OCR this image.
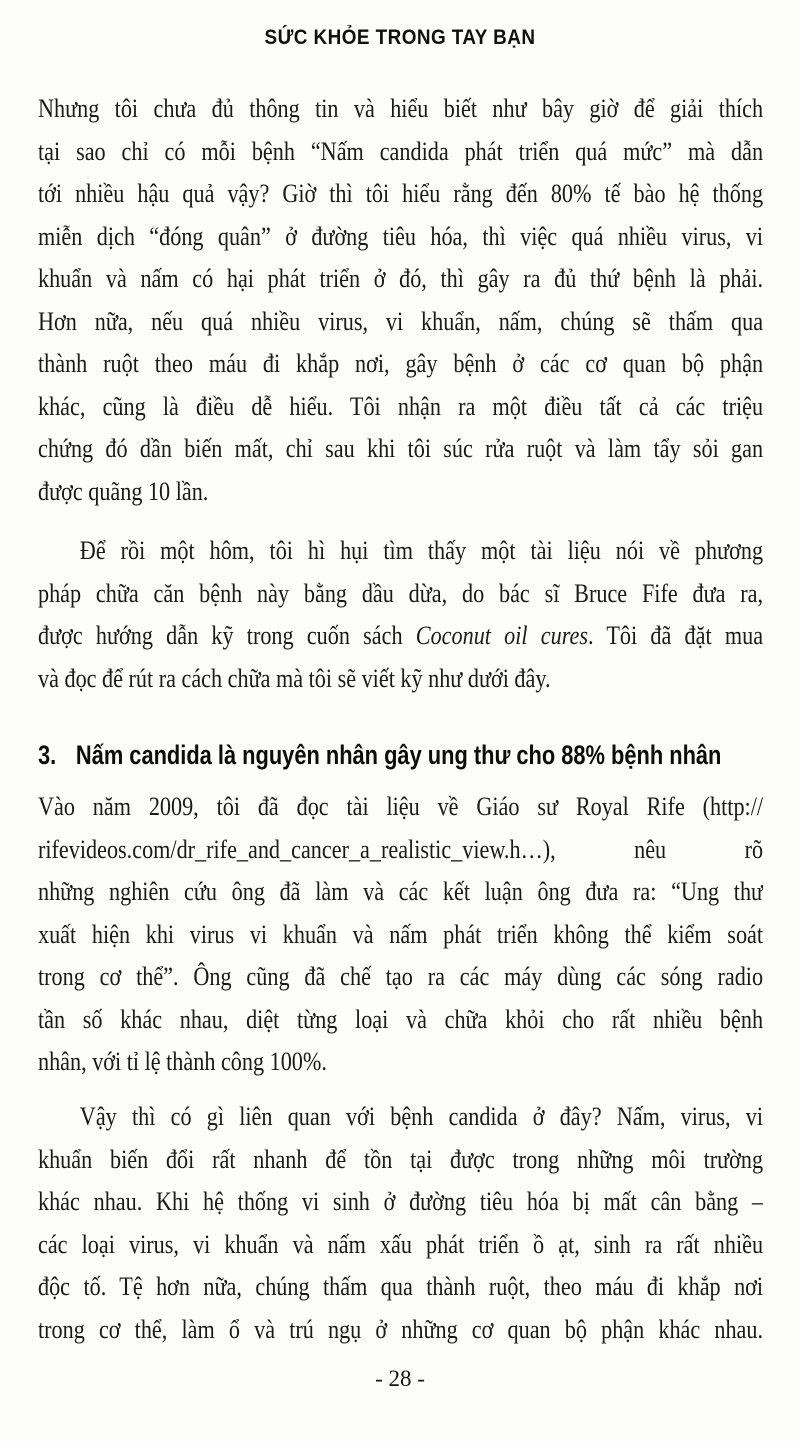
SỨC KHỎE TRONG TAY BẠN
Nhưng tôi chưa đủ thông tin và hiểu biết như bây giờ để giải thích
tại sao chỉ có mỗi bệnh “Nấm candida phát triển quá mức” mà dẫn
tới nhiều hậu quả vậy? Giờ thì tôi hiểu rằng đến 80% tế bào hệ thống
miễn dịch “đóng quân” ở đường tiêu hóa, thì việc quá nhiều virus, vi
khuẩn và nấm có hại phát triển ở đó, thì gây ra đủ thứ bệnh là phải.
Hơn nữa, nếu quá nhiều virus, vi khuẩn, nấm, chúng sẽ thấm qua
thành ruột theo máu đi khắp nơi, gây bệnh ở các cơ quan bộ phận
khác, cũng là điều dễ hiểu. Tôi nhận ra một điều tất cả các triệu
chứng đó dần biến mất, chỉ sau khi tôi súc rửa ruột và làm tẩy sỏi gan
được quãng 10 lần.
Để rồi một hôm, tôi hì hụi tìm thấy một tài liệu nói về phương
pháp chữa căn bệnh này bằng dầu dừa, do bác sĩ Bruce Fife đưa ra,
được hướng dẫn kỹ trong cuốn sách Coconut oil cures. Tôi đã đặt mua
và đọc để rút ra cách chữa mà tôi sẽ viết kỹ như dưới đây.
3. Nấm candida là nguyên nhân gây ung thư cho 88% bệnh nhân
Vào năm 2009, tôi đã đọc tài liệu về Giáo sư Royal Rife (http://
rifevideos.com/dr_rife_and_cancer_a_realistic_view.h…), nêu rõ
những nghiên cứu ông đã làm và các kết luận ông đưa ra: “Ung thư
xuất hiện khi virus vi khuẩn và nấm phát triển không thể kiểm soát
trong cơ thể”. Ông cũng đã chế tạo ra các máy dùng các sóng radio
tần số khác nhau, diệt từng loại và chữa khỏi cho rất nhiều bệnh
nhân, với tỉ lệ thành công 100%.
Vậy thì có gì liên quan với bệnh candida ở đây? Nấm, virus, vi
khuẩn biến đổi rất nhanh để tồn tại được trong những môi trường
khác nhau. Khi hệ thống vi sinh ở đường tiêu hóa bị mất cân bằng –
các loại virus, vi khuẩn và nấm xấu phát triển ồ ạt, sinh ra rất nhiều
độc tố. Tệ hơn nữa, chúng thấm qua thành ruột, theo máu đi khắp nơi
trong cơ thể, làm ổ và trú ngụ ở những cơ quan bộ phận khác nhau.
- 28 -
